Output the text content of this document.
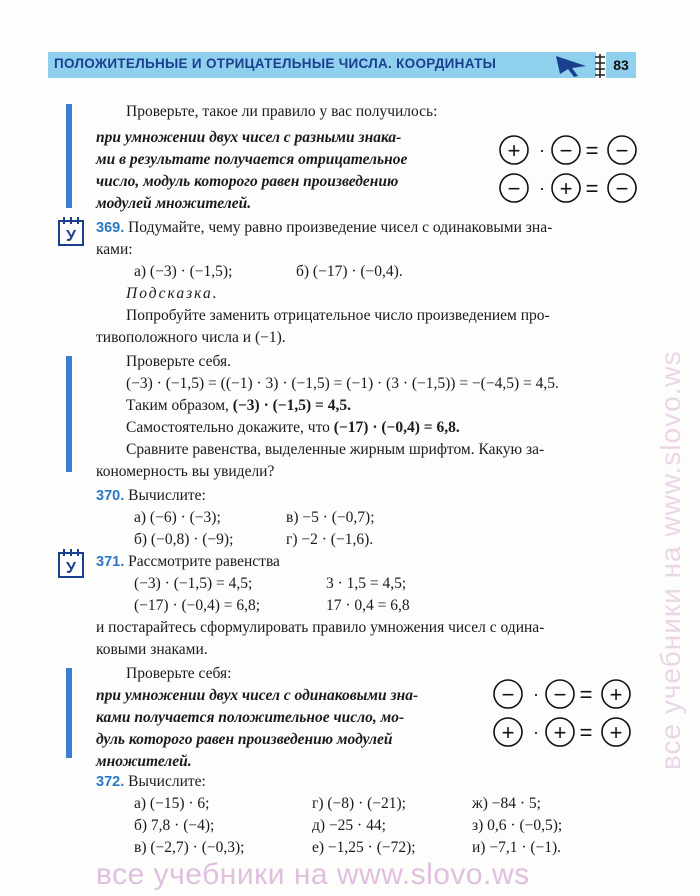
ПОЛОЖИТЕЛЬНЫЕ И ОТРИЦАТЕЛЬНЫЕ ЧИСЛА. КООРДИНАТЫ	83
Проверьте, такое ли правило у вас получилось:
при умножении двух чисел с разными знака-
ми в результате получается отрицательное
число, модуль которого равен произведению
модулей множителей.
+ · − = −
− · + = −
У 369. Подумайте, чему равно произведение чисел с одинаковыми зна-
ками:
а) (−3) · (−1,5);	б) (−17) · (−0,4).
Подсказка.
Попробуйте заменить отрицательное число произведением про-
тивоположного числа и (−1).
Проверьте себя.
(−3) · (−1,5) = ((−1) · 3) · (−1,5) = (−1) · (3 · (−1,5)) = −(−4,5) = 4,5.
Таким образом, (−3) · (−1,5) = 4,5.
Самостоятельно докажите, что (−17) · (−0,4) = 6,8.
Сравните равенства, выделенные жирным шрифтом. Какую за-
кономерность вы увидели?
370. Вычислите:
а) (−6) · (−3);	в) −5 · (−0,7);
б) (−0,8) · (−9);	г) −2 · (−1,6).
У 371. Рассмотрите равенства
(−3) · (−1,5) = 4,5;	3 · 1,5 = 4,5;
(−17) · (−0,4) = 6,8;	17 · 0,4 = 6,8
и постарайтесь сформулировать правило умножения чисел с одина-
ковыми знаками.
Проверьте себя:
при умножении двух чисел с одинаковыми зна-
ками получается положительное число, мо-
дуль которого равен произведению модулей
множителей.
− · − = +
+ · + = +
372. Вычислите:
а) (−15) · 6;	г) (−8) · (−21);	ж) −84 · 5;
б) 7,8 · (−4);	д) −25 · 44;	з) 0,6 · (−0,5);
в) (−2,7) · (−0,3);	е) −1,25 · (−72);	и) −7,1 · (−1).
все учебники на www.slovo.ws
все учебники на www.slovo.ws
